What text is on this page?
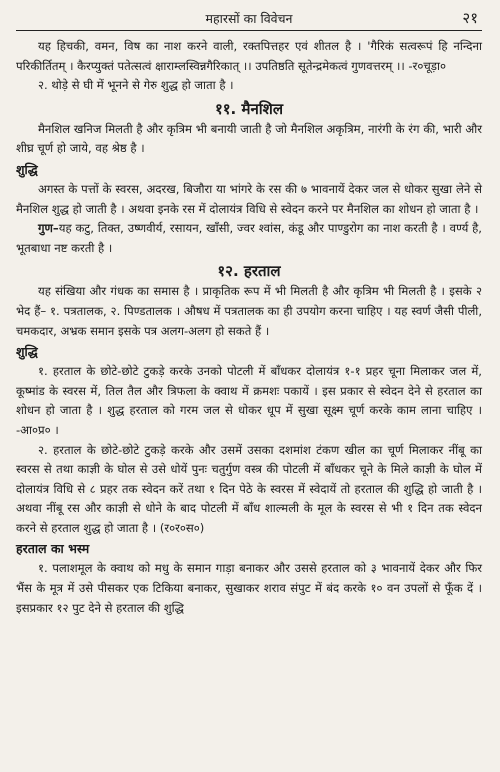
महारसों का विवेचन	२१

यह हिचकी, वमन, विष का नाश करने वाली, रक्तपित्तहर एवं शीतल है । 'गैरिकं सत्वरूपं हि नन्दिना परिकीर्तितम्‌ । कैरप्युक्तं पतेत्सत्वं क्षाराम्लस्विन्नगैरिकात्‌ ।। उपतिष्ठति सूतेन्द्रमेकत्वं गुणवत्तरम्‌ ।। -र०चूड़ा०

२. थोड़े से घी में भूनने से गेरु शुद्ध हो जाता है ।

११. मैनशिल

मैनशिल खनिज मिलती है और कृत्रिम भी बनायी जाती है जो मैनशिल अकृत्रिम, नारंगी के रंग की, भारी और शीघ्र चूर्ण हो जाये, वह श्रेष्ठ है ।

शुद्धि

अगस्त के पत्तों के स्वरस, अदरख, बिजौरा या भांगरे के रस की ७ भावनायें देकर जल से धोकर सुखा लेने से मैनशिल शुद्ध हो जाती है । अथवा इनके रस में दोलायंत्र विधि से स्वेदन करने पर मैनशिल का शोधन हो जाता है ।

गुण–यह कटु, तिक्त, उष्णवीर्य, रसायन, खाँसी, ज्वर श्वांस, कंडू और पाण्डुरोग का नाश करती है । वर्ण्य है, भूतबाधा नष्ट करती है ।

१२. हरताल

यह संखिया और गंधक का समास है । प्राकृतिक रूप में भी मिलती है और कृत्रिम भी मिलती है । इसके २ भेद हैं– १. पत्रतालक, २. पिण्डतालक । औषध में पत्रतालक का ही उपयोग करना चाहिए । यह स्वर्ण जैसी पीली, चमकदार, अभ्रक समान इसके पत्र अलग-अलग हो सकते हैं ।

शुद्धि

१. हरताल के छोटे-छोटे टुकड़े करके उनको पोटली में बाँधकर दोलायंत्र १-१ प्रहर चूना मिलाकर जल में, कूष्मांड के स्वरस में, तिल तैल और त्रिफला के क्वाथ में क्रमशः पकायें । इस प्रकार से स्वेदन देने से हरताल का शोधन हो जाता है । शुद्ध हरताल को गरम जल से धोकर धूप में सुखा सूक्ष्म चूर्ण करके काम लाना चाहिए । -आ०प्र० ।

२. हरताल के छोटे-छोटे टुकड़े करके और उसमें उसका दशमांश टंकण खील का चूर्ण मिलाकर नींबू का स्वरस से तथा काज्ञी के घोल से उसे धोयें पुनः चतुर्गुण वस्त्र की पोटली में बाँधकर चूने के मिले काज्ञी के घोल में दोलायंत्र विधि से ८ प्रहर तक स्वेदन करें तथा १ दिन पेठे के स्वरस में स्वेदायें तो हरताल की शुद्धि हो जाती है । अथवा नींबू रस और काज्ञी से धोने के बाद पोटली में बाँध शाल्मली के मूल के स्वरस से भी १ दिन तक स्वेदन करने से हरताल शुद्ध हो जाता है । (र०र०स०)

हरताल का भस्म

१. पलाशमूल के क्वाथ को मधु के समान गाड़ा बनाकर और उससे हरताल को ३ भावनायें देकर और फिर भैंस के मूत्र में उसे पीसकर एक टिकिया बनाकर, सुखाकर शराव संपुट में बंद करके १० वन उपलों से फूँक दें । इसप्रकार १२ पुट देने से हरताल की शुद्धि
